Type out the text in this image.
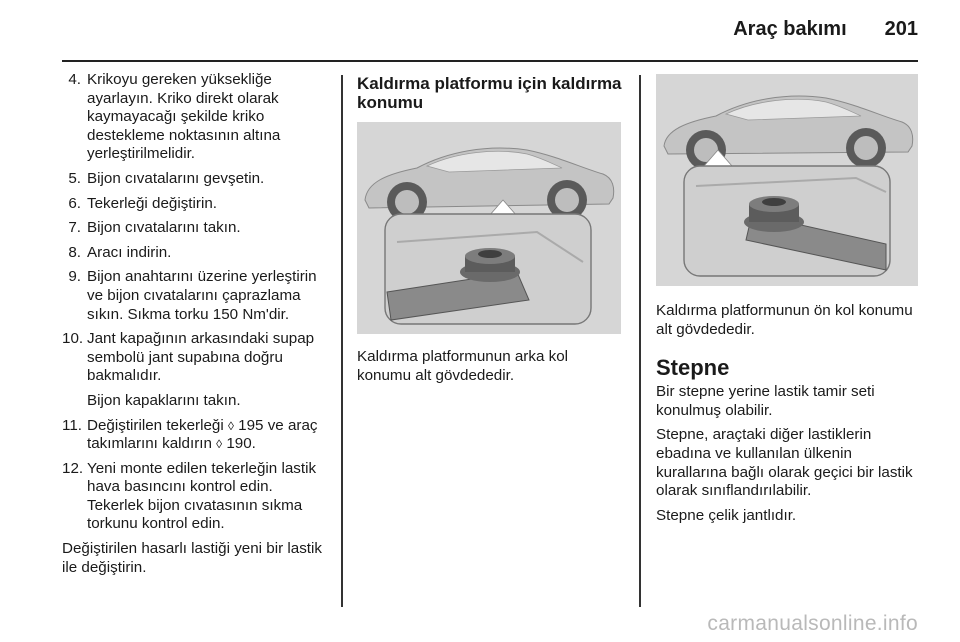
Araç bakımı 201
4. Krikoyu gereken yüksekliğe ayarlayın. Kriko direkt olarak kaymayacağı şekilde kriko destekleme noktasının altına yerleştirilmelidir.
5. Bijon cıvatalarını gevşetin.
6. Tekerleği değiştirin.
7. Bijon cıvatalarını takın.
8. Aracı indirin.
9. Bijon anahtarını üzerine yerleştirin ve bijon cıvatalarını çaprazlama sıkın. Sıkma torku 150 Nm'dir.
10. Jant kapağının arkasındaki supap sembolü jant supabına doğru bakmalıdır.
Bijon kapaklarını takın.
11. Değiştirilen tekerleği ◊ 195 ve araç takımlarını kaldırın ◊ 190.
12. Yeni monte edilen tekerleğin lastik hava basıncını kontrol edin. Tekerlek bijon cıvatasının sıkma torkunu kontrol edin.

Değiştirilen hasarlı lastiği yeni bir lastik ile değiştirin.

Kaldırma platformu için kaldırma konumu

Kaldırma platformunun arka kol konumu alt gövdededir.

Kaldırma platformunun ön kol konumu alt gövdededir.

Stepne

Bir stepne yerine lastik tamir seti konulmuş olabilir.

Stepne, araçtaki diğer lastiklerin ebadına ve kullanılan ülkenin kurallarına bağlı olarak geçici bir lastik olarak sınıflandırılabilir.

Stepne çelik jantlıdır.

carmanualsonline.info
